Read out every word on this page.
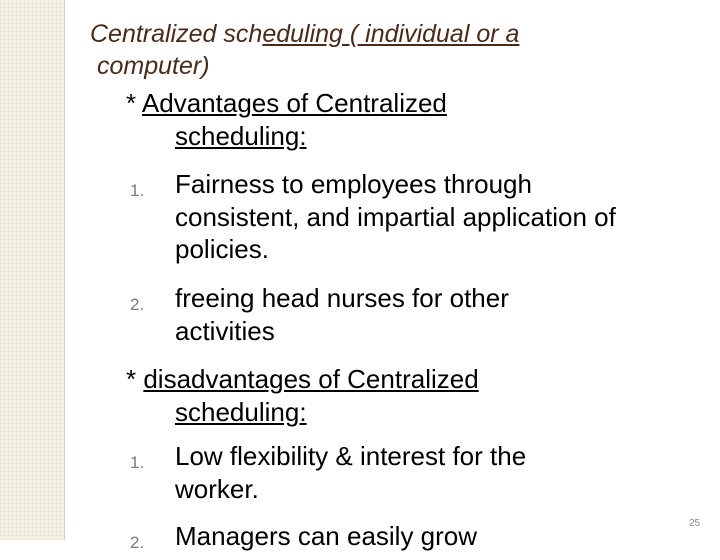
Centralized scheduling ( individual or a
computer)
* Advantages of Centralized
scheduling:
1. Fairness to employees through
consistent, and impartial application of
policies.
2. freeing head nurses for other
activities
* disadvantages of Centralized
scheduling:
1. Low flexibility & interest for the
worker.
2. Managers can easily grow	25
